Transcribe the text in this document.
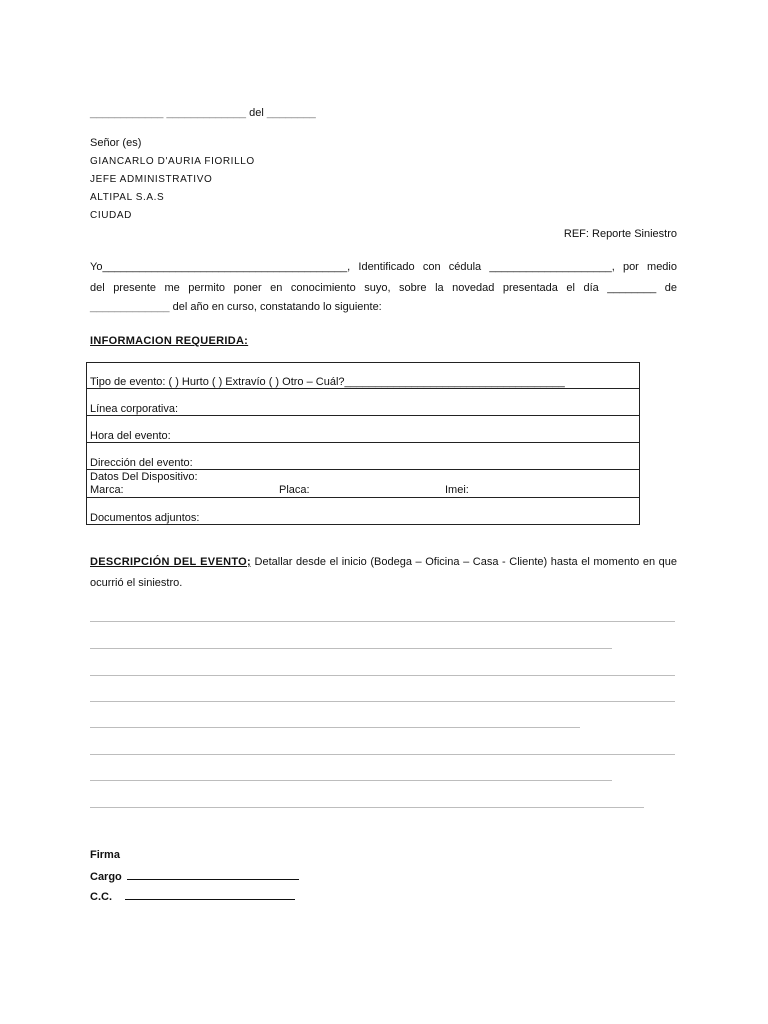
____________ _____________ del ________
Señor (es)
GIANCARLO D'AURIA FIORILLO
JEFE ADMINISTRATIVO
ALTIPAL S.A.S
CIUDAD
REF: Reporte Siniestro
Yo________________________________________, Identificado con cédula ____________________, por medio
del presente me permito poner en conocimiento suyo, sobre la novedad presentada el día ________ de
_____________ del año en curso, constatando lo siguiente:
INFORMACION REQUERIDA:
Tipo de evento: ( ) Hurto ( ) Extravío ( ) Otro – Cuál?____________________________________
Línea corporativa:
Hora del evento:
Dirección del evento:

Datos Del Dispositivo:
Marca:	Placa:	Imei:

Documentos adjuntos:
DESCRIPCIÓN DEL EVENTO; Detallar desde el inicio (Bodega – Oficina – Casa - Cliente) hasta el momento en que
ocurrió el siniestro.
Firma
Cargo
C.C.
